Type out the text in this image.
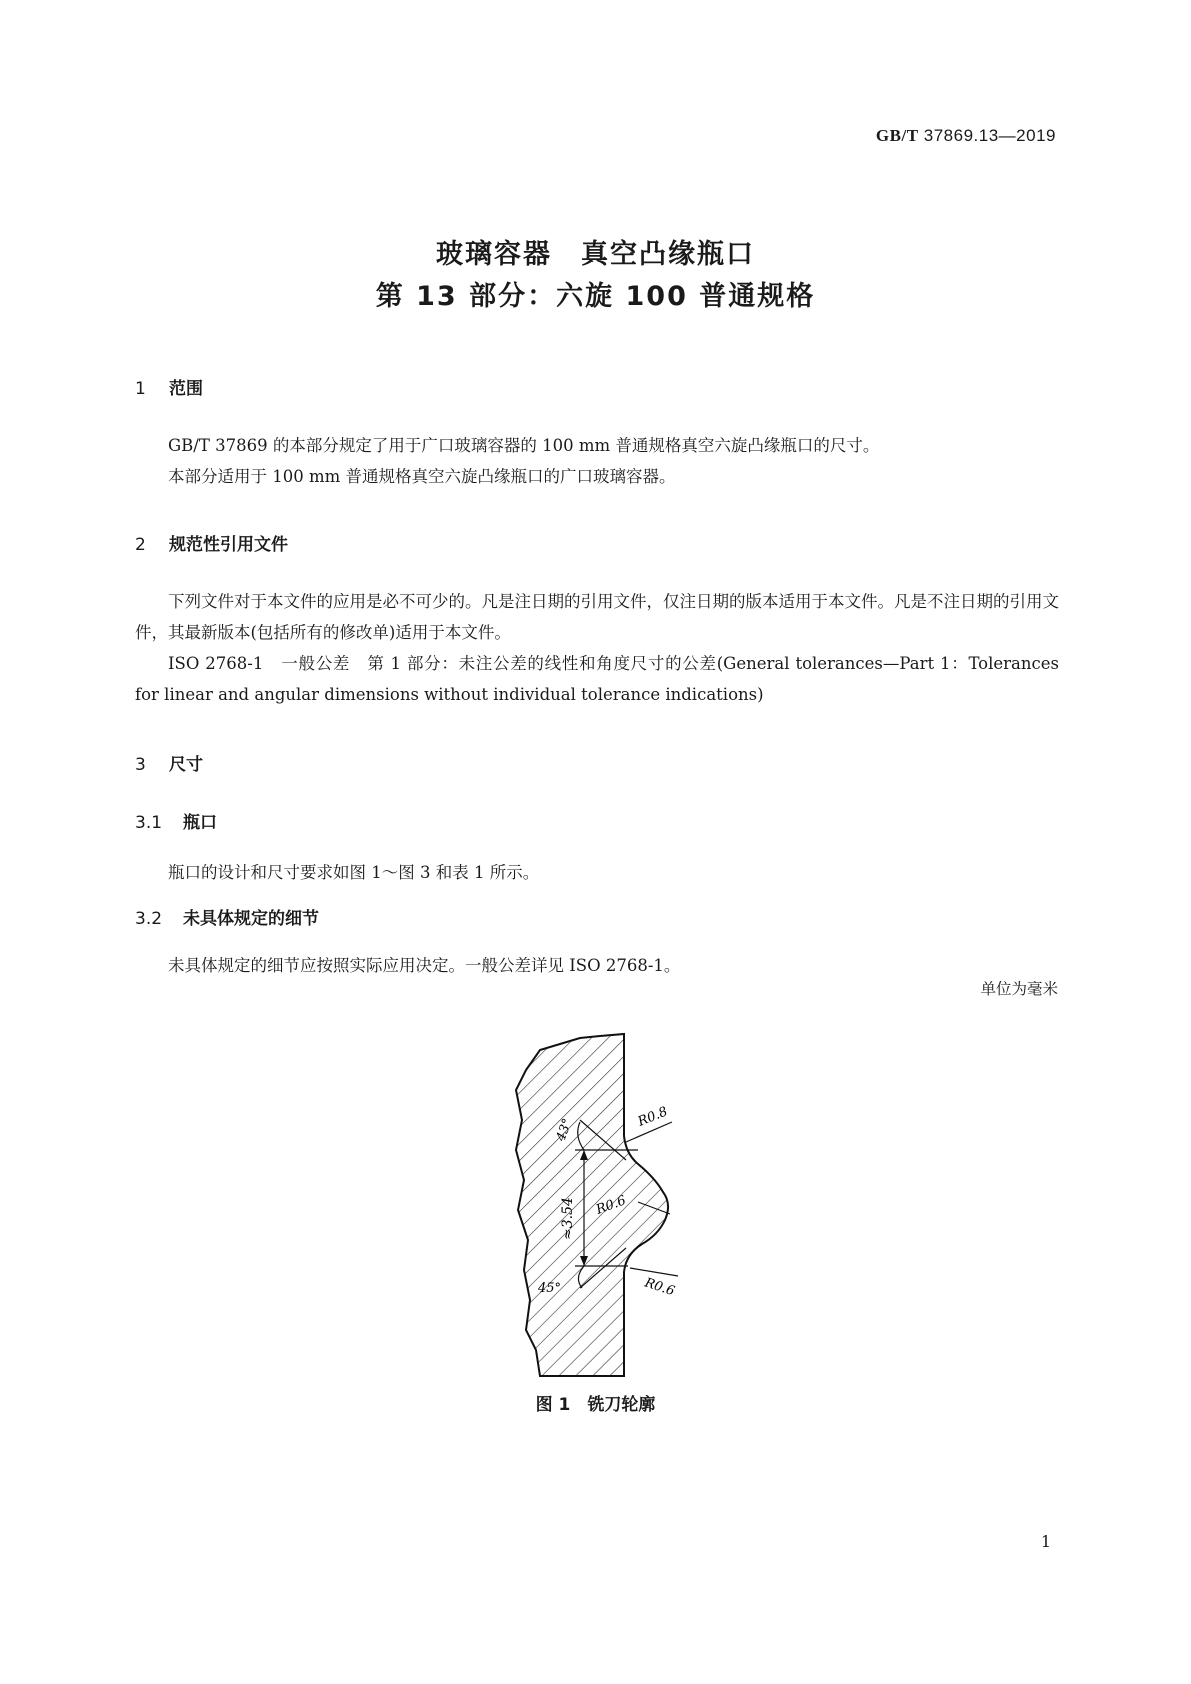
GB/T 37869.13—2019
玻璃容器　真空凸缘瓶口
第 13 部分：六旋 100 普通规格
1 范围

GB/T 37869 的本部分规定了用于广口玻璃容器的 100 mm 普通规格真空六旋凸缘瓶口的尺寸。

本部分适用于 100 mm 普通规格真空六旋凸缘瓶口的广口玻璃容器。

2 规范性引用文件

下列文件对于本文件的应用是必不可少的。凡是注日期的引用文件，仅注日期的版本适用于本文件。凡是不注日期的引用文件，其最新版本(包括所有的修改单)适用于本文件。

ISO 2768-1　一般公差　第 1 部分：未注公差的线性和角度尺寸的公差(General tolerances—Part 1：Tolerances for linear and angular dimensions without individual tolerance indications)

3 尺寸
3.1 瓶口

瓶口的设计和尺寸要求如图 1～图 3 和表 1 所示。

3.2 未具体规定的细节

未具体规定的细节应按照实际应用决定。一般公差详见 ISO 2768-1。

单位为毫米
R0.8
R0.6
R0.6
43°
45°
≈3.54
图 1　铣刀轮廓
1
